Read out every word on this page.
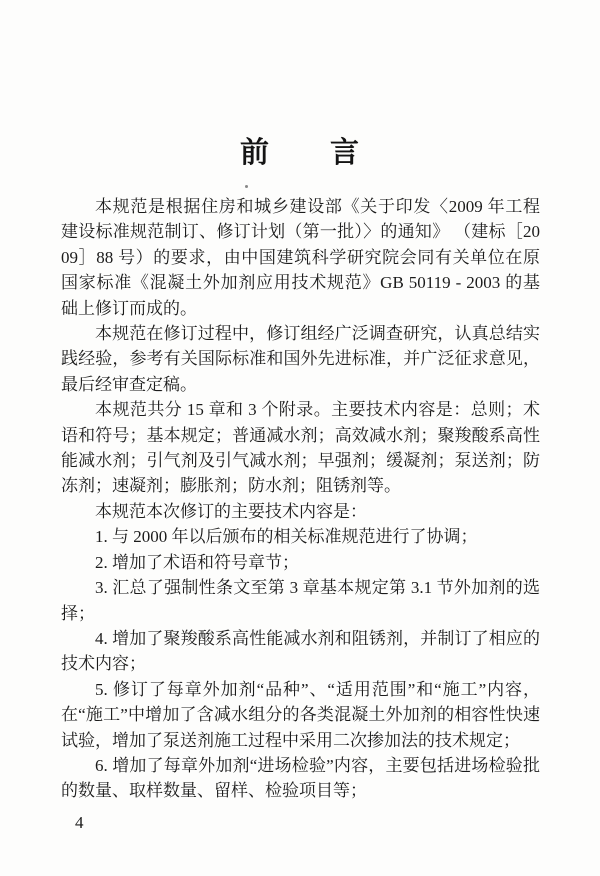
前　　言

本规范是根据住房和城乡建设部《关于印发〈2009 年工程建设标准规范制订、修订计划（第一批）〉的通知》 （建标［2009］88 号）的要求，由中国建筑科学研究院会同有关单位在原国家标准《混凝土外加剂应用技术规范》GB 50119 - 2003 的基础上修订而成的。

本规范在修订过程中，修订组经广泛调查研究，认真总结实践经验，参考有关国际标准和国外先进标准，并广泛征求意见，最后经审查定稿。

本规范共分 15 章和 3 个附录。主要技术内容是：总则；术语和符号；基本规定；普通减水剂；高效减水剂；聚羧酸系高性能减水剂；引气剂及引气减水剂；早强剂；缓凝剂；泵送剂；防冻剂；速凝剂；膨胀剂；防水剂；阻锈剂等。

本规范本次修订的主要技术内容是：

1. 与 2000 年以后颁布的相关标准规范进行了协调；

2. 增加了术语和符号章节；

3. 汇总了强制性条文至第 3 章基本规定第 3.1 节外加剂的选择；

4. 增加了聚羧酸系高性能减水剂和阻锈剂，并制订了相应的技术内容；

5. 修订了每章外加剂“品种”、“适用范围”和“施工”内容，在“施工”中增加了含减水组分的各类混凝土外加剂的相容性快速试验，增加了泵送剂施工过程中采用二次掺加法的技术规定；

6. 增加了每章外加剂“进场检验”内容，主要包括进场检验批的数量、取样数量、留样、检验项目等；

4
